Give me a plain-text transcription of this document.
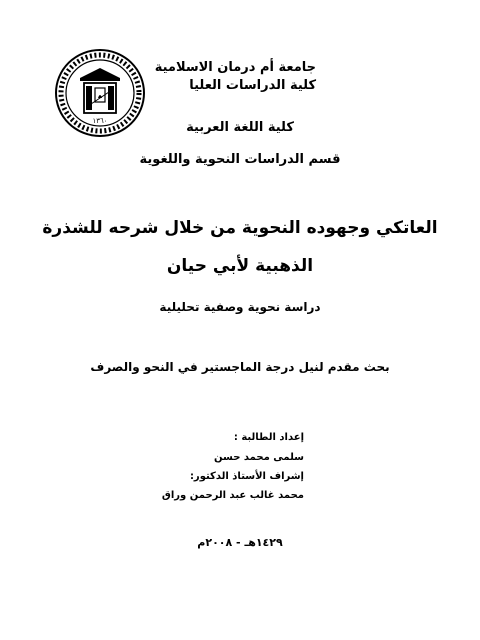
١٣٦٠
جامعة أم درمان الاسلامية
كلية الدراسات العليا
كلية اللغة العربية
قسم الدراسات النحوية واللغوية
العاتكي وجهوده النحوية من خلال شرحه للشذرة
الذهبية لأبي حيان
دراسة نحوية وصفية تحليلية
بحث مقدم لنيل درجة الماجستير في النحو والصرف
إعداد الطالبة :
سلمى محمد حسن
إشراف الأستاذ الدكتور:
محمد غالب عبد الرحمن وراق
١٤٢٩هـ - ٢٠٠٨م
